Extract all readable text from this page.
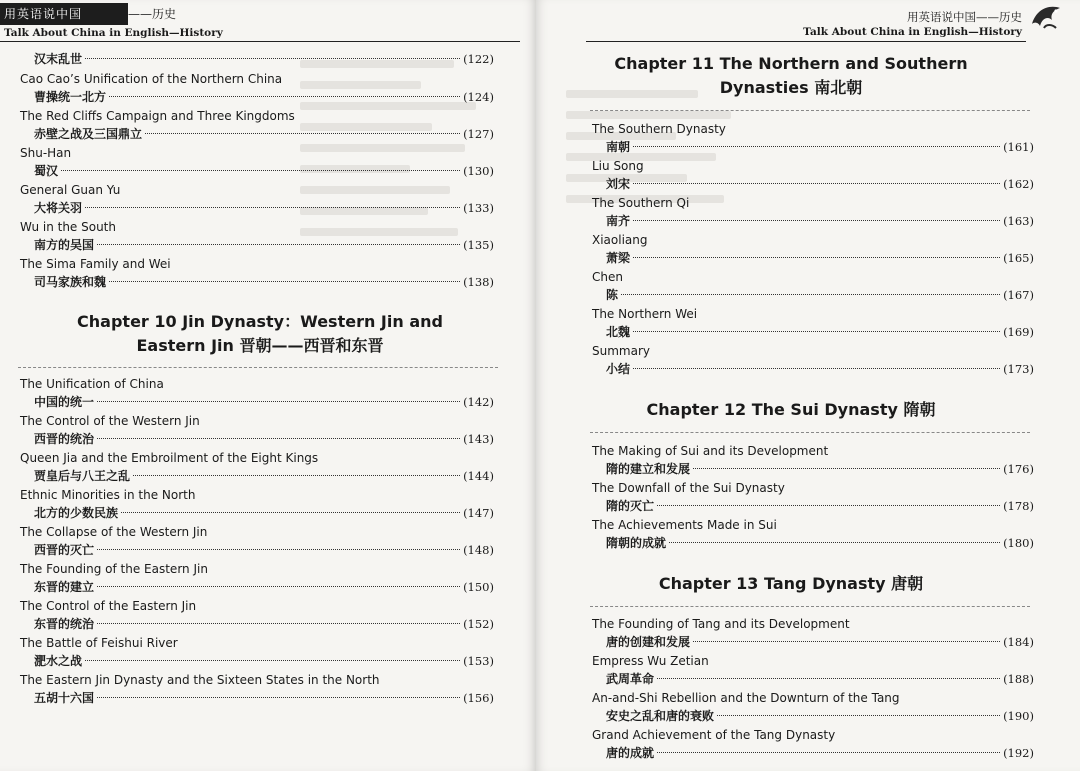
用英语说中国	——历史
Talk About China in English—History
汉末乱世	(122)
Cao Cao’s Unification of the Northern China
曹操统一北方	(124)
The Red Cliffs Campaign and Three Kingdoms
赤壁之战及三国鼎立	(127)
Shu-Han
蜀汉	(130)
General Guan Yu
大将关羽	(133)
Wu in the South
南方的吴国	(135)
The Sima Family and Wei
司马家族和魏	(138)
Chapter 10 Jin Dynasty：Western Jin and
Eastern Jin 晋朝——西晋和东晋
The Unification of China
中国的统一	(142)
The Control of the Western Jin
西晋的统治	(143)
Queen Jia and the Embroilment of the Eight Kings
贾皇后与八王之乱	(144)
Ethnic Minorities in the North
北方的少数民族	(147)
The Collapse of the Western Jin
西晋的灭亡	(148)
The Founding of the Eastern Jin
东晋的建立	(150)
The Control of the Eastern Jin
东晋的统治	(152)
The Battle of Feishui River
淝水之战	(153)
The Eastern Jin Dynasty and the Sixteen States in the North
五胡十六国	(156)
用英语说中国——历史
Talk About China in English—History
Chapter 11 The Northern and Southern
Dynasties 南北朝
The Southern Dynasty
南朝	(161)
Liu Song
刘宋	(162)
The Southern Qi
南齐	(163)
Xiaoliang
萧梁	(165)
Chen
陈	(167)
The Northern Wei
北魏	(169)
Summary
小结	(173)
Chapter 12 The Sui Dynasty 隋朝
The Making of Sui and its Development
隋的建立和发展	(176)
The Downfall of the Sui Dynasty
隋的灭亡	(178)
The Achievements Made in Sui
隋朝的成就	(180)
Chapter 13 Tang Dynasty 唐朝
The Founding of Tang and its Development
唐的创建和发展	(184)
Empress Wu Zetian
武周革命	(188)
An-and-Shi Rebellion and the Downturn of the Tang
安史之乱和唐的衰败	(190)
Grand Achievement of the Tang Dynasty
唐的成就	(192)
